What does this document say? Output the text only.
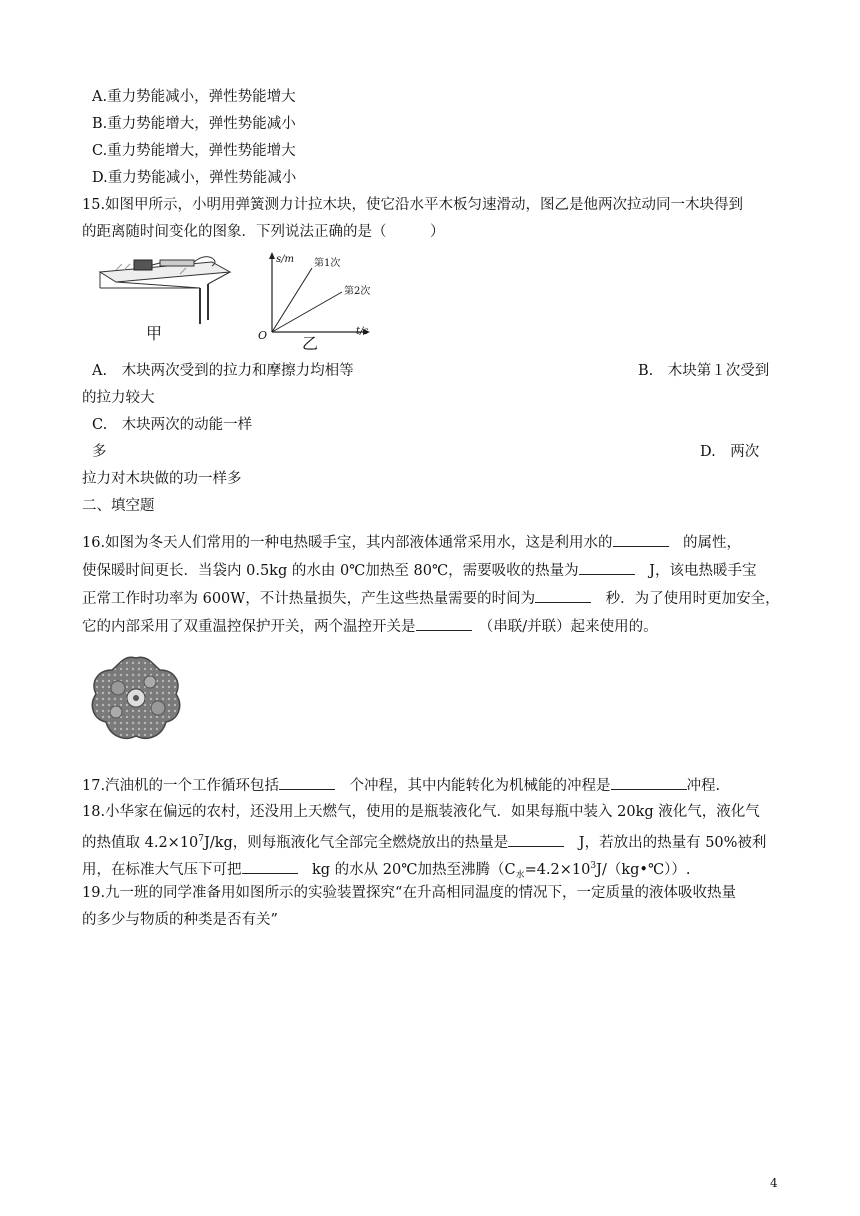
A.重力势能减小，弹性势能增大
B.重力势能增大，弹性势能减小
C.重力势能增大，弹性势能增大
D.重力势能减小，弹性势能减小
15.如图甲所示，小明用弹簧测力计拉木块，使它沿水平木板匀速滑动，图乙是他两次拉动同一木块得到
的距离随时间变化的图象．下列说法正确的是（　　　）
甲
s/m 第1次
第2次
O	t/s
乙
A.　木块两次受到的拉力和摩擦力均相等	B.　木块第１次受到
的拉力较大
C.　木块两次的动能一样
多	D.　两次
拉力对木块做的功一样多
二、填空题
16.如图为冬天人们常用的一种电热暖手宝，其内部液体通常采用水，这是利用水的	　的属性，
使保暖时间更长．当袋内 0.5kg 的水由 0℃加热至 80℃，需要吸收的热量为	　J，该电热暖手宝
正常工作时功率为 600W，不计热量损失，产生这些热量需要的时间为	　秒．为了使用时更加安全，
它的内部采用了双重温控保护开关，两个温控开关是	　（串联/并联）起来使用的。
17.汽油机的一个工作循环包括	　个冲程，其中内能转化为机械能的冲程是	冲程.
18.小华家在偏远的农村，还没用上天燃气，使用的是瓶装液化气．如果每瓶中装入 20kg 液化气，液化气
的热值取 $4.2\times 10^7J/kg$，则每瓶液化气全部完全燃烧放出的热量是	　J，若放出的热量有 50%被利
用，在标准大气压下可把	　kg 的水从 20℃加热至沸腾$(C_水=4.2\times 10^3J/(kg•℃))$.
19.九一班的同学准备用如图所示的实验装置探究“在升高相同温度的情况下，一定质量的液体吸收热量
的多少与物质的种类是否有关”
4
